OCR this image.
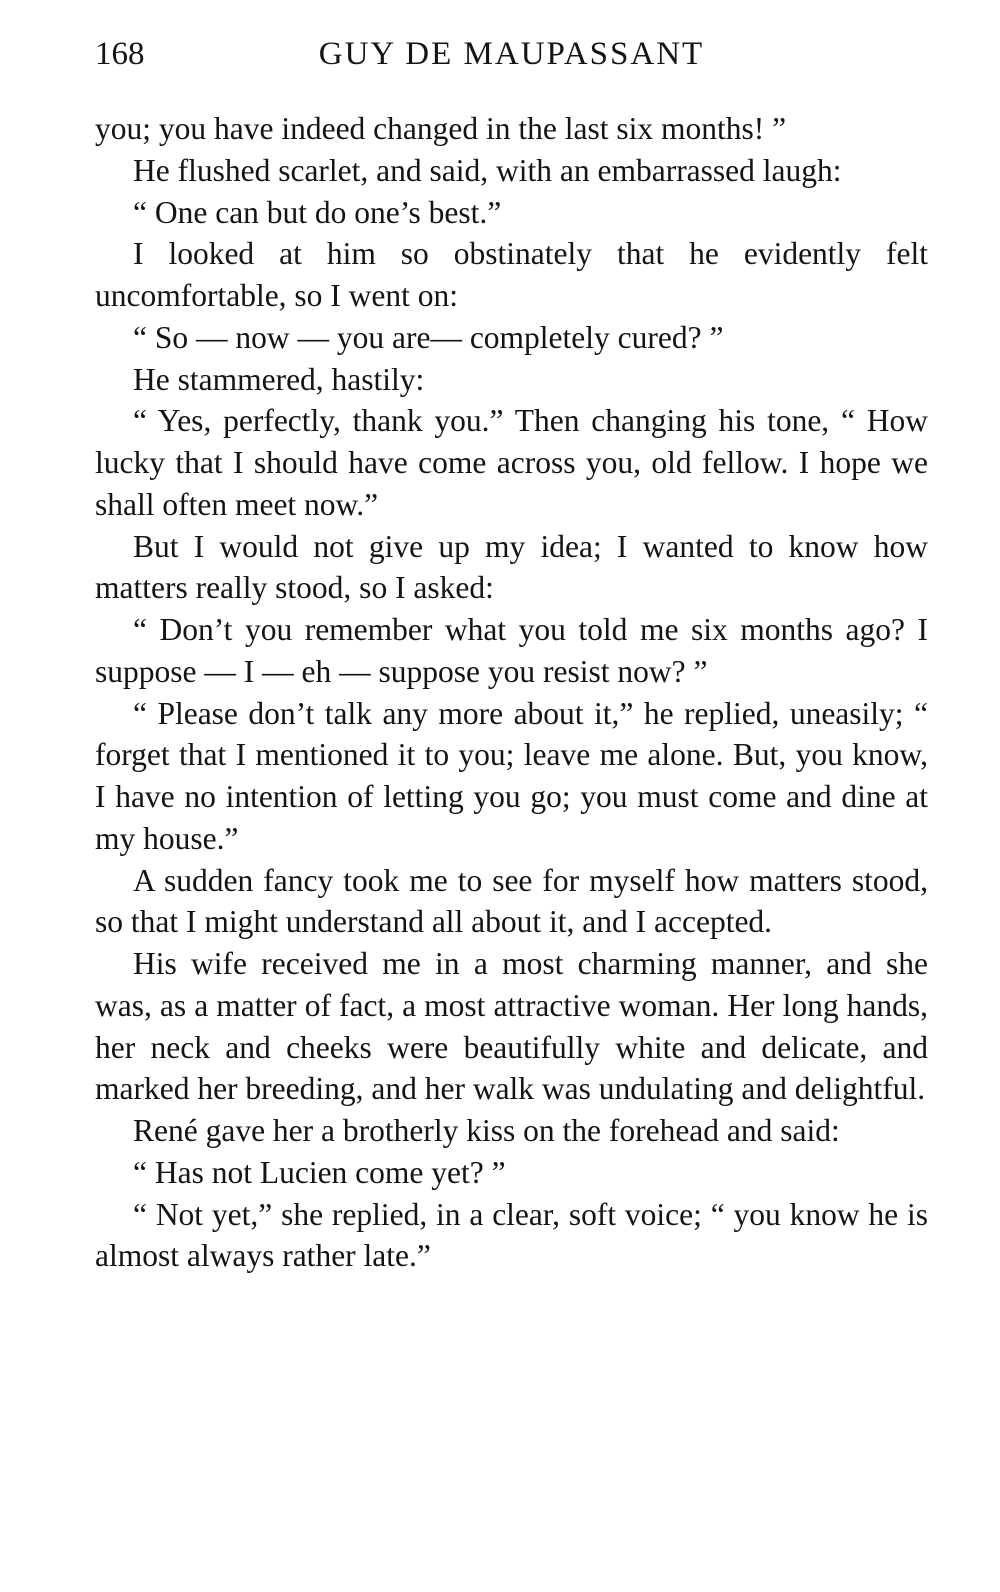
168	GUY DE MAUPASSANT

you; you have indeed changed in the last six months! ”

He flushed scarlet, and said, with an embarrassed laugh:

“ One can but do one’s best.”

I looked at him so obstinately that he evidently felt uncomfortable, so I went on:

“ So — now — you are— completely cured? ”

He stammered, hastily:

“ Yes, perfectly, thank you.” Then changing his tone, “ How lucky that I should have come across you, old fellow. I hope we shall often meet now.”

But I would not give up my idea; I wanted to know how matters really stood, so I asked:

“ Don’t you remember what you told me six months ago? I suppose — I — eh — suppose you resist now? ”

“ Please don’t talk any more about it,” he replied, uneasily; “ forget that I mentioned it to you; leave me alone. But, you know, I have no intention of letting you go; you must come and dine at my house.”

A sudden fancy took me to see for myself how matters stood, so that I might understand all about it, and I accepted.

His wife received me in a most charming manner, and she was, as a matter of fact, a most attractive woman. Her long hands, her neck and cheeks were beautifully white and delicate, and marked her breeding, and her walk was undulating and delightful.

René gave her a brotherly kiss on the forehead and said:

“ Has not Lucien come yet? ”

“ Not yet,” she replied, in a clear, soft voice; “ you know he is almost always rather late.”
